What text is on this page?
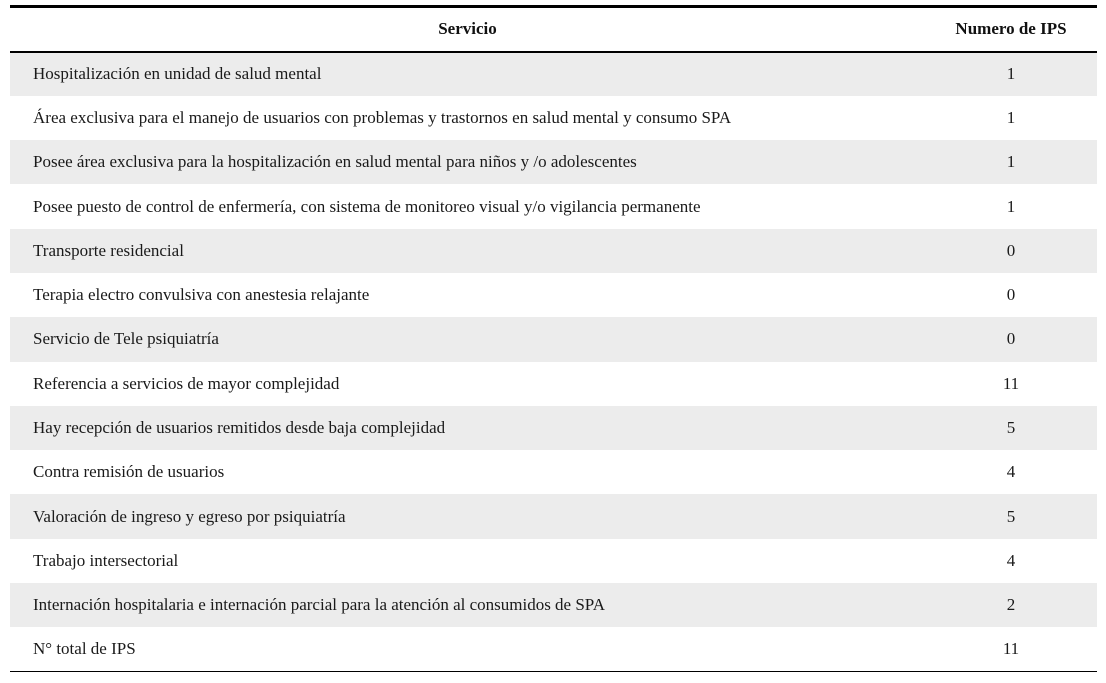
Servicio	Numero de IPS
Hospitalización en unidad de salud mental	1
Área exclusiva para el manejo de usuarios con problemas y trastornos en salud mental y consumo SPA	1
Posee área exclusiva para la hospitalización en salud mental para niños y /o adolescentes	1
Posee puesto de control de enfermería, con sistema de monitoreo visual y/o vigilancia permanente	1
Transporte residencial	0
Terapia electro convulsiva con anestesia relajante	0
Servicio de Tele psiquiatría	0
Referencia a servicios de mayor complejidad	11
Hay recepción de usuarios remitidos desde baja complejidad	5
Contra remisión de usuarios	4
Valoración de ingreso y egreso por psiquiatría	5
Trabajo intersectorial	4
Internación hospitalaria e internación parcial para la atención al consumidos de SPA	2
N° total de IPS	11
